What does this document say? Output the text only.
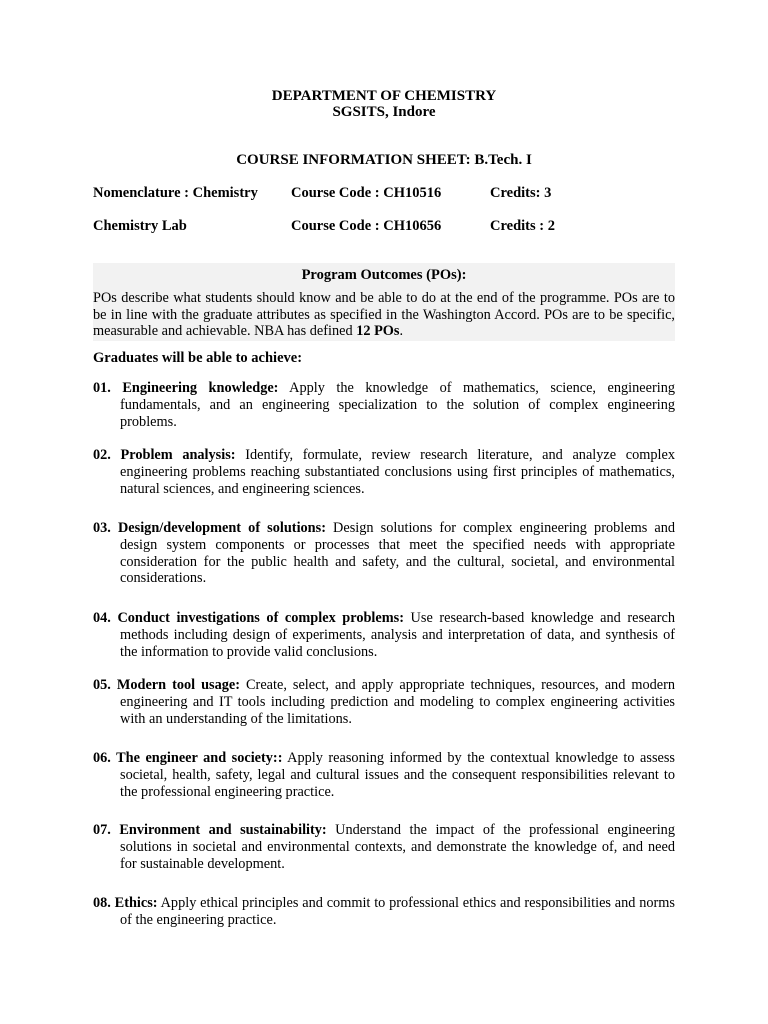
DEPARTMENT OF CHEMISTRY
SGSITS, Indore
COURSE INFORMATION SHEET: B.Tech. I
Nomenclature : Chemistry Course Code : CH10516	Credits: 3
Chemistry Lab	Course Code : CH10656	Credits : 2
Program Outcomes (POs):
POs describe what students should know and be able to do at the end of the programme. POs are to be in line with the graduate attributes as specified in the Washington Accord. POs are to be specific, measurable and achievable. NBA has defined 12 POs.
Graduates will be able to achieve:
01. Engineering knowledge: Apply the knowledge of mathematics, science, engineering fundamentals, and an engineering specialization to the solution of complex engineering problems.
02. Problem analysis: Identify, formulate, review research literature, and analyze complex engineering problems reaching substantiated conclusions using first principles of mathematics, natural sciences, and engineering sciences.
03. Design/development of solutions: Design solutions for complex engineering problems and design system components or processes that meet the specified needs with appropriate consideration for the public health and safety, and the cultural, societal, and environmental considerations.
04. Conduct investigations of complex problems: Use research-based knowledge and research methods including design of experiments, analysis and interpretation of data, and synthesis of the information to provide valid conclusions.
05. Modern tool usage: Create, select, and apply appropriate techniques, resources, and modern engineering and IT tools including prediction and modeling to complex engineering activities with an understanding of the limitations.
06. The engineer and society:: Apply reasoning informed by the contextual knowledge to assess societal, health, safety, legal and cultural issues and the consequent responsibilities relevant to the professional engineering practice.
07. Environment and sustainability: Understand the impact of the professional engineering solutions in societal and environmental contexts, and demonstrate the knowledge of, and need for sustainable development.
08. Ethics: Apply ethical principles and commit to professional ethics and responsibilities and norms of the engineering practice.
